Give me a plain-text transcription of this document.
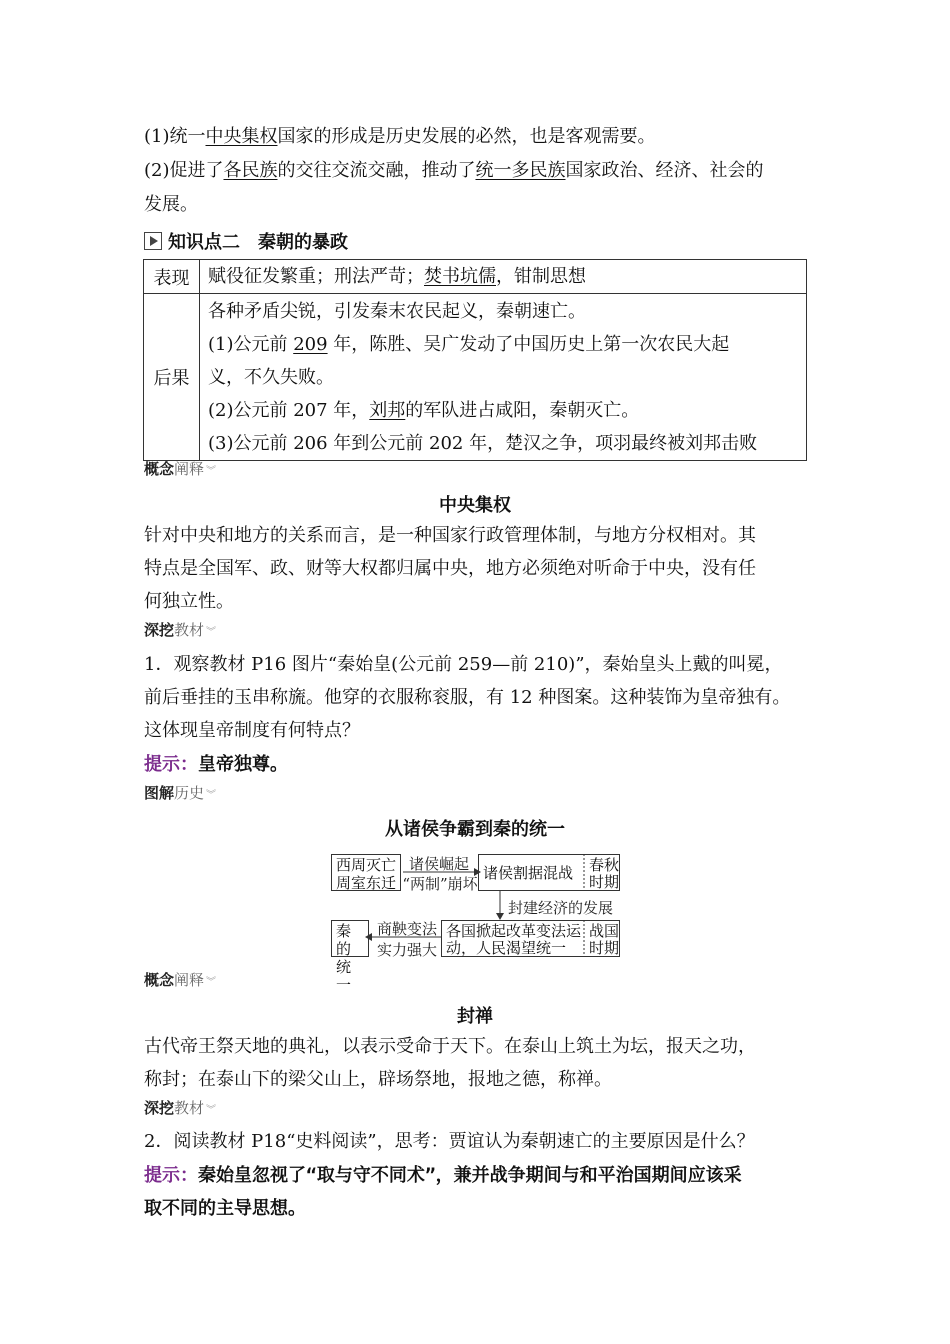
(1)统一中央集权国家的形成是历史发展的必然，也是客观需要。
(2)促进了各民族的交往交流交融，推动了统一多民族国家政治、经济、社会的
发展。
知识点二　秦朝的暴政
表现	赋役征发繁重；刑法严苛；焚书坑儒，钳制思想
后果	各种矛盾尖锐，引发秦末农民起义，秦朝速亡。
(1)公元前 209 年，陈胜、吴广发动了中国历史上第一次农民大起
义，不久失败。
(2)公元前 207 年，刘邦的军队进占咸阳，秦朝灭亡。
(3)公元前 206 年到公元前 202 年，楚汉之争，项羽最终被刘邦击败
概念阐释 ︾
中央集权
针对中央和地方的关系而言，是一种国家行政管理体制，与地方分权相对。其
特点是全国军、政、财等大权都归属中央，地方必须绝对听命于中央，没有任
何独立性。
深挖教材 ︾
1．观察教材 P16 图片“秦始皇(公元前 259—前 210)”，秦始皇头上戴的叫冕，
前后垂挂的玉串称旒。他穿的衣服称衮服，有 12 种图案。这种装饰为皇帝独有。
这体现皇帝制度有何特点？
提示：皇帝独尊。
图解历史 ︾
从诸侯争霸到秦的统一
西周灭亡
周室东迁
诸侯崛起
“两制”崩坏
诸侯割据混战 春秋
时期
封建经济的发展
各国掀起改革变法运
动，人民渴望统一
战国
时期
商鞅变法
实力强大
秦的
统一
概念阐释 ︾
封禅
古代帝王祭天地的典礼，以表示受命于天下。在泰山上筑土为坛，报天之功，
称封；在泰山下的梁父山上，辟场祭地，报地之德，称禅。
深挖教材 ︾
2．阅读教材 P18“史料阅读”，思考：贾谊认为秦朝速亡的主要原因是什么？
提示：秦始皇忽视了“取与守不同术”，兼并战争期间与和平治国期间应该采
取不同的主导思想。
